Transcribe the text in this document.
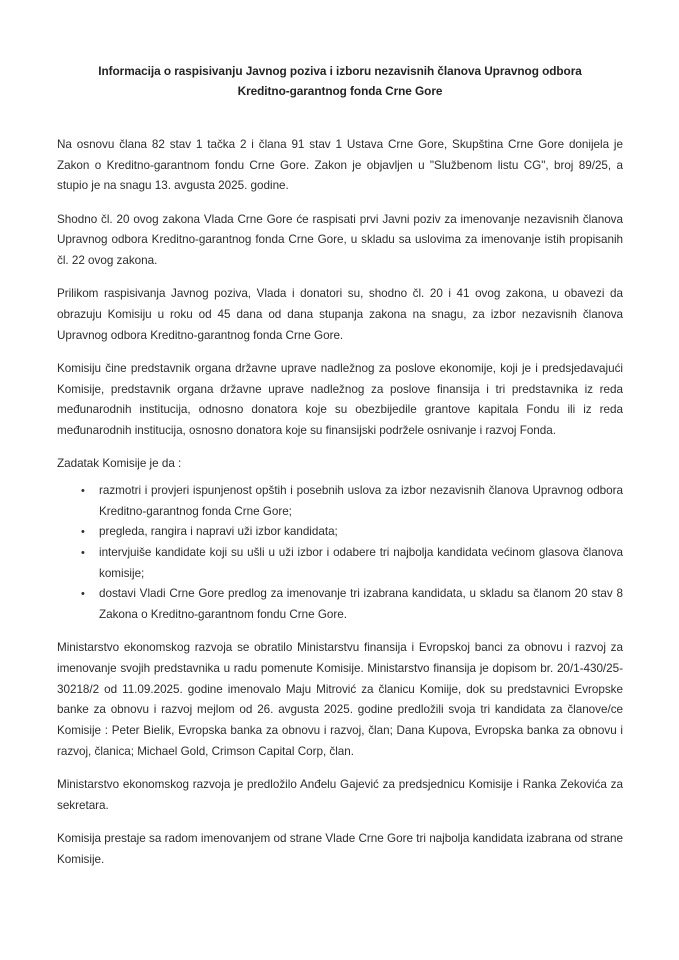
Informacija o raspisivanju Javnog poziva i izboru nezavisnih članova Upravnog odbora
Kreditno-garantnog fonda Crne Gore

Na osnovu člana 82 stav 1 tačka 2 i člana 91 stav 1 Ustava Crne Gore, Skupština Crne Gore donijela je Zakon o Kreditno-garantnom fondu Crne Gore. Zakon je objavljen u "Službenom listu CG", broj 89/25, a stupio je na snagu 13. avgusta 2025. godine.

Shodno čl. 20 ovog zakona Vlada Crne Gore će raspisati prvi Javni poziv za imenovanje nezavisnih članova Upravnog odbora Kreditno-garantnog fonda Crne Gore, u skladu sa uslovima za imenovanje istih propisanih čl. 22 ovog zakona.

Prilikom raspisivanja Javnog poziva, Vlada i donatori su, shodno čl. 20 i 41 ovog zakona, u obavezi da obrazuju Komisiju u roku od 45 dana od dana stupanja zakona na snagu, za izbor nezavisnih članova Upravnog odbora Kreditno-garantnog fonda Crne Gore.

Komisiju čine predstavnik organa državne uprave nadležnog za poslove ekonomije, koji je i predsjedavajući Komisije, predstavnik organa državne uprave nadležnog za poslove finansija i tri predstavnika iz reda međunarodnih institucija, odnosno donatora koje su obezbijedile grantove kapitala Fondu ili iz reda međunarodnih institucija, osnosno donatora koje su finansijski podržele osnivanje i razvoj Fonda.

Zadatak Komisije je da :

• razmotri i provjeri ispunjenost opštih i posebnih uslova za izbor nezavisnih članova Upravnog odbora Kreditno-garantnog fonda Crne Gore;
• pregleda, rangira i napravi uži izbor kandidata;
• intervjuiše kandidate koji su ušli u uži izbor i odabere tri najbolja kandidata većinom glasova članova komisije;
• dostavi Vladi Crne Gore predlog za imenovanje tri izabrana kandidata, u skladu sa članom 20 stav 8 Zakona o Kreditno-garantnom fondu Crne Gore.

Ministarstvo ekonomskog razvoja se obratilo Ministarstvu finansija i Evropskoj banci za obnovu i razvoj za imenovanje svojih predstavnika u radu pomenute Komisije. Ministarstvo finansija je dopisom br. 20/1-430/25-30218/2 od 11.09.2025. godine imenovalo Maju Mitrović za članicu Komiije, dok su predstavnici Evropske banke za obnovu i razvoj mejlom od 26. avgusta 2025. godine predložili svoja tri kandidata za članove/ce Komisije : Peter Bielik, Evropska banka za obnovu i razvoj, član; Dana Kupova, Evropska banka za obnovu i razvoj, članica; Michael Gold, Crimson Capital Corp, član.

Ministarstvo ekonomskog razvoja je predložilo Anđelu Gajević za predsjednicu Komisije i Ranka Zekovića za sekretara.

Komisija prestaje sa radom imenovanjem od strane Vlade Crne Gore tri najbolja kandidata izabrana od strane Komisije.
